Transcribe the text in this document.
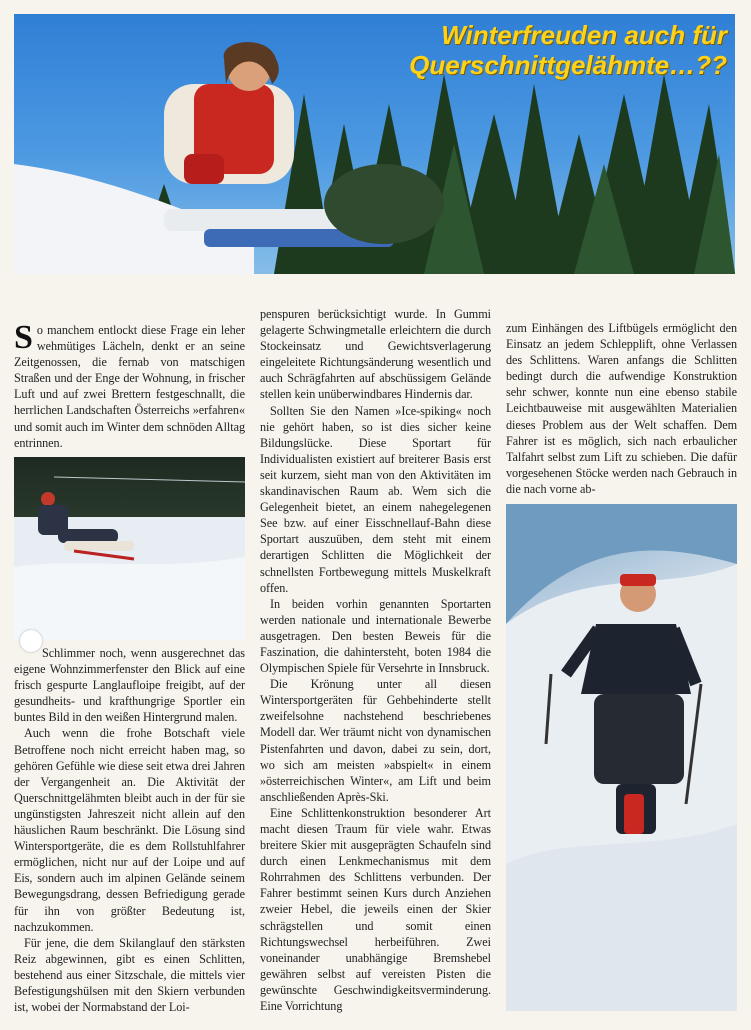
Winterfreuden auch für
Querschnittgelähmte…??

So manchem entlockt diese Frage ein leher wehmütiges Lächeln, denkt er an seine Zeitgenossen, die fernab von matschigen Straßen und der Enge der Wohnung, in frischer Luft und auf zwei Brettern festgeschnallt, die herrlichen Landschaften Österreichs »erfahren« und somit auch im Winter dem schnöden Alltag entrinnen.

Schlimmer noch, wenn ausgerechnet das eigene Wohnzimmerfenster den Blick auf eine frisch gespurte Langlaufloipe freigibt, auf der gesundheits- und krafthungrige Sportler ein buntes Bild in den weißen Hintergrund malen.

Auch wenn die frohe Botschaft viele Betroffene noch nicht erreicht haben mag, so gehören Gefühle wie diese seit etwa drei Jahren der Vergangenheit an. Die Aktivität der Querschnittgelähmten bleibt auch in der für sie ungünstigsten Jahreszeit nicht allein auf den häuslichen Raum beschränkt. Die Lösung sind Wintersportgeräte, die es dem Rollstuhlfahrer ermöglichen, nicht nur auf der Loipe und auf Eis, sondern auch im alpinen Gelände seinem Bewegungsdrang, dessen Befriedigung gerade für ihn von größter Bedeutung ist, nachzukommen.

Für jene, die dem Skilanglauf den stärksten Reiz abgewinnen, gibt es einen Schlitten, bestehend aus einer Sitzschale, die mittels vier Befestigungshülsen mit den Skiern verbunden ist, wobei der Normabstand der Loi-

penspuren berücksichtigt wurde. In Gummi gelagerte Schwingmetalle erleichtern die durch Stockeinsatz und Gewichtsverlagerung eingeleitete Richtungsänderung wesentlich und auch Schrägfahrten auf abschüssigem Gelände stellen kein unüberwindbares Hindernis dar.

Sollten Sie den Namen »Ice-spiking« noch nie gehört haben, so ist dies sicher keine Bildungslücke. Diese Sportart für Individualisten existiert auf breiterer Basis erst seit kurzem, sieht man von den Aktivitäten im skandinavischen Raum ab. Wem sich die Gelegenheit bietet, an einem nahegelegenen See bzw. auf einer Eisschnellauf-Bahn diese Sportart auszuüben, dem steht mit einem derartigen Schlitten die Möglichkeit der schnellsten Fortbewegung mittels Muskelkraft offen.

In beiden vorhin genannten Sportarten werden nationale und internationale Bewerbe ausgetragen. Den besten Beweis für die Faszination, die dahintersteht, boten 1984 die Olympischen Spiele für Versehrte in Innsbruck.

Die Krönung unter all diesen Wintersportgeräten für Gehbehinderte stellt zweifelsohne nachstehend beschriebenes Modell dar. Wer träumt nicht von dynamischen Pistenfahrten und davon, dabei zu sein, dort, wo sich am meisten »abspielt« in einem »österreichischen Winter«, am Lift und beim anschließenden Après-Ski.

Eine Schlittenkonstruktion besonderer Art macht diesen Traum für viele wahr. Etwas breitere Skier mit ausgeprägten Schaufeln sind durch einen Lenkmechanismus mit dem Rohrrahmen des Schlittens verbunden. Der Fahrer bestimmt seinen Kurs durch Anziehen zweier Hebel, die jeweils einen der Skier schrägstellen und somit einen Richtungswechsel herbeiführen. Zwei voneinander unabhängige Bremshebel gewähren selbst auf vereisten Pisten die gewünschte Geschwindigkeitsverminderung. Eine Vorrichtung

zum Einhängen des Liftbügels ermöglicht den Einsatz an jedem Schlepplift, ohne Verlassen des Schlittens. Waren anfangs die Schlitten bedingt durch die aufwendige Konstruktion sehr schwer, konnte nun eine ebenso stabile Leichtbauweise mit ausgewählten Materialien dieses Problem aus der Welt schaffen. Dem Fahrer ist es möglich, sich nach erbaulicher Talfahrt selbst zum Lift zu schieben. Die dafür vorgesehenen Stöcke werden nach Gebrauch in die nach vorne ab-
